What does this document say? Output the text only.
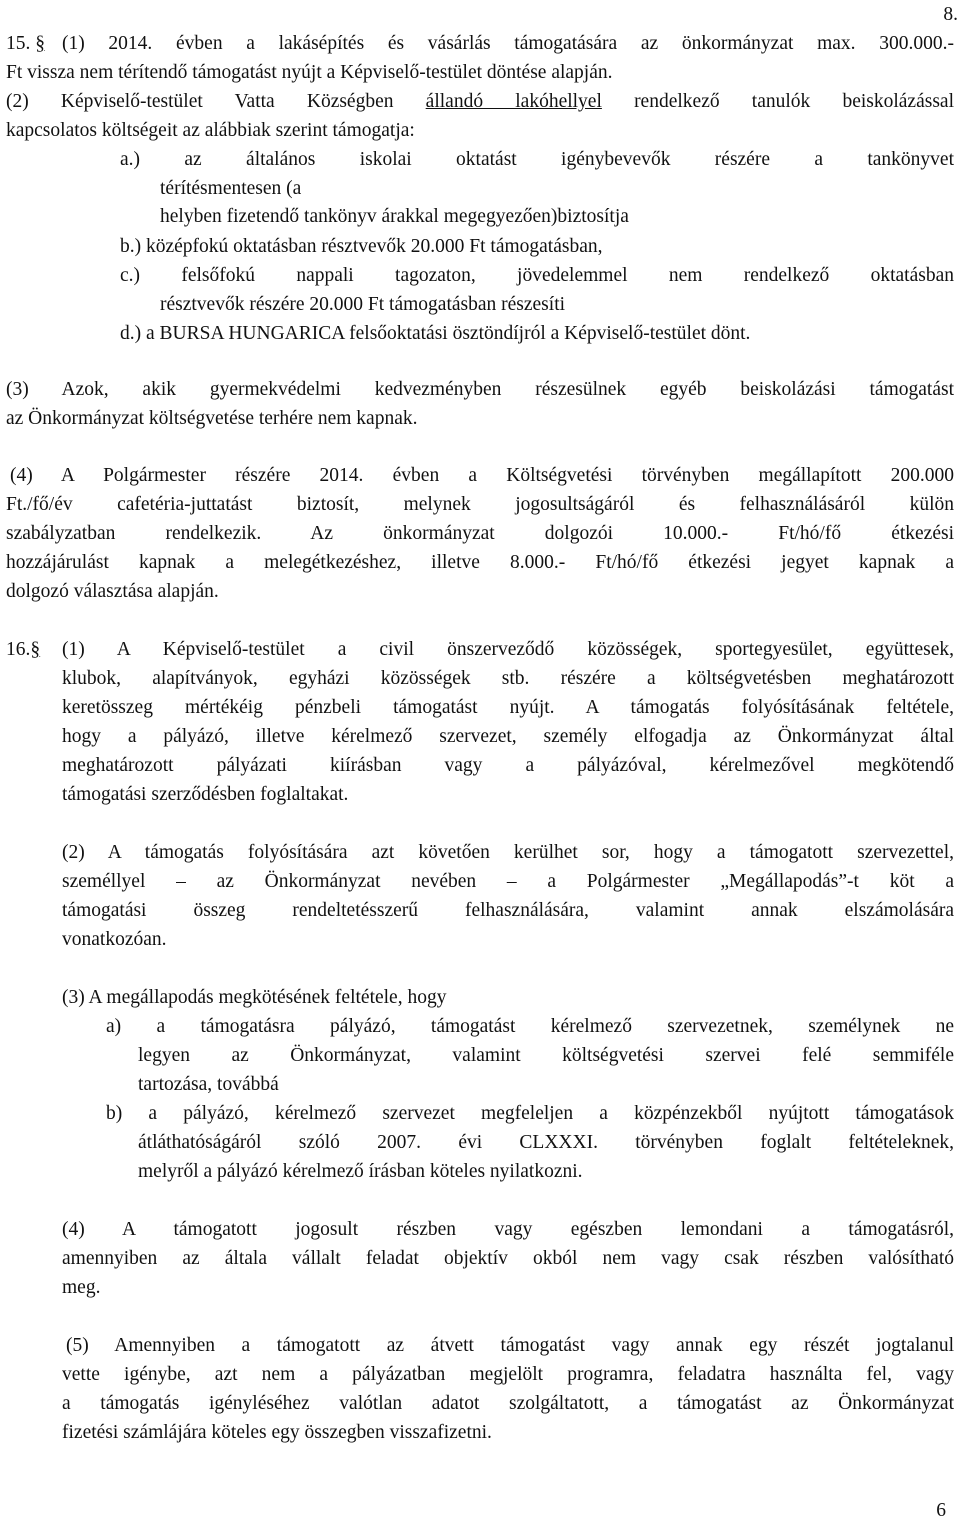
8.
15. § (1) 2014. évben a lakásépítés és vásárlás támogatására az önkormányzat max. 300.000.-
Ft vissza nem térítendő támogatást nyújt a Képviselő-testület döntése alapján.
(2) Képviselő-testület Vatta Községben állandó lakóhellyel rendelkező tanulók beiskolázással
kapcsolatos költségeit az alábbiak szerint támogatja:
a.) az általános iskolai oktatást igénybevevők részére a tankönyvet
térítésmentesen (a
helyben fizetendő tankönyv árakkal megegyezően)biztosítja
b.) középfokú oktatásban résztvevők 20.000 Ft támogatásban,
c.) felsőfokú nappali tagozaton, jövedelemmel nem rendelkező oktatásban
résztvevők részére 20.000 Ft támogatásban részesíti
d.) a BURSA HUNGARICA felsőoktatási ösztöndíjról a Képviselő-testület dönt.
(3) Azok, akik gyermekvédelmi kedvezményben részesülnek egyéb beiskolázási támogatást
az Önkormányzat költségvetése terhére nem kapnak.
(4) A Polgármester részére 2014. évben a Költségvetési törvényben megállapított 200.000
Ft./fő/év cafetéria-juttatást biztosít, melynek jogosultságáról és felhasználásáról külön
szabályzatban rendelkezik. Az önkormányzat dolgozói 10.000.- Ft/hó/fő étkezési
hozzájárulást kapnak a melegétkezéshez, illetve 8.000.- Ft/hó/fő étkezési jegyet kapnak a
dolgozó választása alapján.
16.§ (1) A Képviselő-testület a civil önszerveződő közösségek, sportegyesület, együttesek,
klubok, alapítványok, egyházi közösségek stb. részére a költségvetésben meghatározott
keretösszeg mértékéig pénzbeli támogatást nyújt. A támogatás folyósításának feltétele,
hogy a pályázó, illetve kérelmező szervezet, személy elfogadja az Önkormányzat által
meghatározott pályázati kiírásban vagy a pályázóval, kérelmezővel megkötendő
támogatási szerződésben foglaltakat.
(2) A támogatás folyósítására azt követően kerülhet sor, hogy a támogatott szervezettel,
személlyel – az Önkormányzat nevében – a Polgármester „Megállapodás”-t köt a
támogatási összeg rendeltetésszerű felhasználására, valamint annak elszámolására
vonatkozóan.
(3) A megállapodás megkötésének feltétele, hogy
a) a támogatásra pályázó, támogatást kérelmező szervezetnek, személynek ne
legyen az Önkormányzat, valamint költségvetési szervei felé semmiféle
tartozása, továbbá
b) a pályázó, kérelmező szervezet megfeleljen a közpénzekből nyújtott támogatások
átláthatóságáról szóló 2007. évi CLXXXI. törvényben foglalt feltételeknek,
melyről a pályázó kérelmező írásban köteles nyilatkozni.
(4) A támogatott jogosult részben vagy egészben lemondani a támogatásról,
amennyiben az általa vállalt feladat objektív okból nem vagy csak részben valósítható
meg.
(5) Amennyiben a támogatott az átvett támogatást vagy annak egy részét jogtalanul
vette igénybe, azt nem a pályázatban megjelölt programra, feladatra használta fel, vagy
a támogatás igényléséhez valótlan adatot szolgáltatott, a támogatást az Önkormányzat
fizetési számlájára köteles egy összegben visszafizetni.
6
